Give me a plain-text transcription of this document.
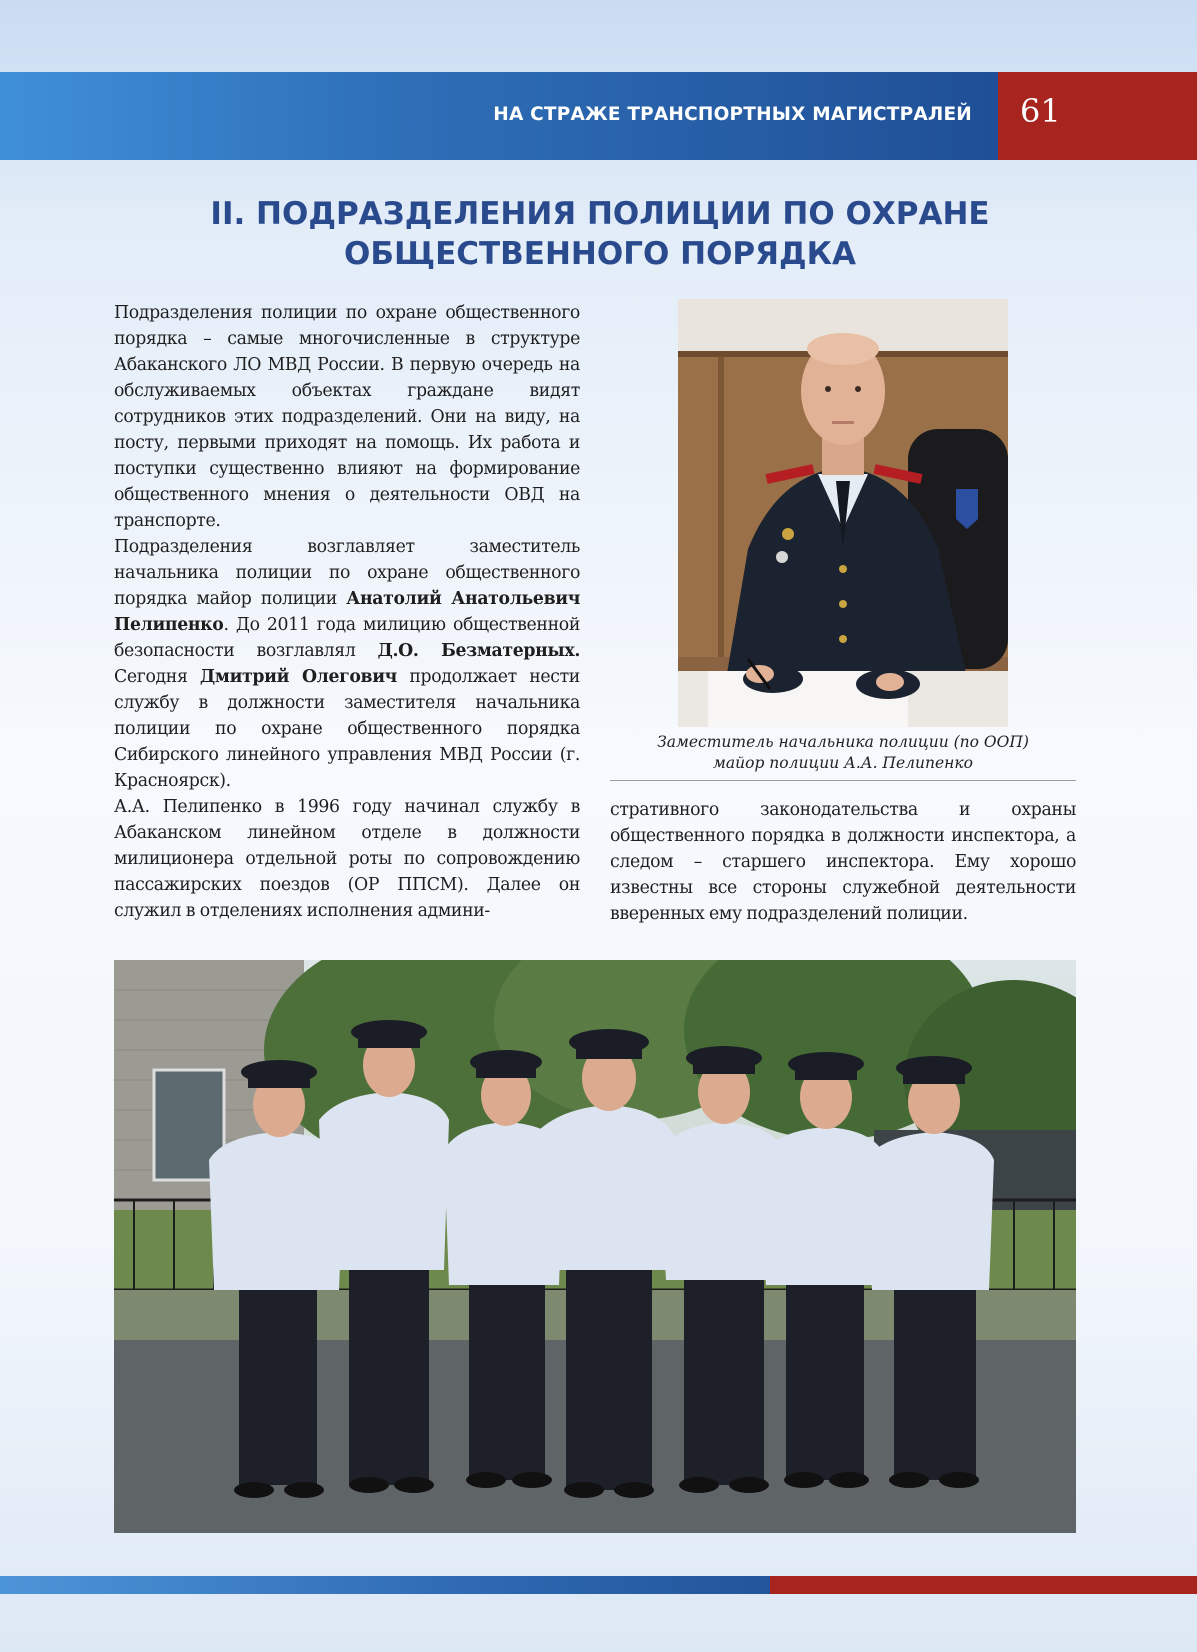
НА СТРАЖЕ ТРАНСПОРТНЫХ МАГИСТРАЛЕЙ 61
II. ПОДРАЗДЕЛЕНИЯ ПОЛИЦИИ ПО ОХРАНЕ
ОБЩЕСТВЕННОГО ПОРЯДКА

Подразделения полиции по охране общественного порядка – самые многочисленные в структуре Абаканского ЛО МВД России. В первую очередь на обслуживаемых объектах граждане видят сотрудников этих подразделений. Они на виду, на посту, первыми приходят на помощь. Их работа и поступки существенно влияют на формирование общественного мнения о деятельности ОВД на транспорте.

Подразделения возглавляет заместитель начальника полиции по охране общественного порядка майор полиции Анатолий Анатольевич Пелипенко. До 2011 года милицию общественной безопасности возглавлял Д.О. Безматерных. Сегодня Дмитрий Олегович продолжает нести службу в должности заместителя начальника полиции по охране общественного порядка Сибирского линейного управления МВД России (г. Красноярск).

А.А. Пелипенко в 1996 году начинал службу в Абаканском линейном отделе в должности милиционера отдельной роты по сопровождению пассажирских поездов (ОР ППСМ). Далее он служил в отделениях исполнения админи-

Заместитель начальника полиции (по ООП)
майор полиции А.А. Пелипенко

стративного законодательства и охраны общественного порядка в должности инспектора, а следом – старшего инспектора. Ему хорошо известны все стороны служебной деятельности вверенных ему подразделений полиции.
